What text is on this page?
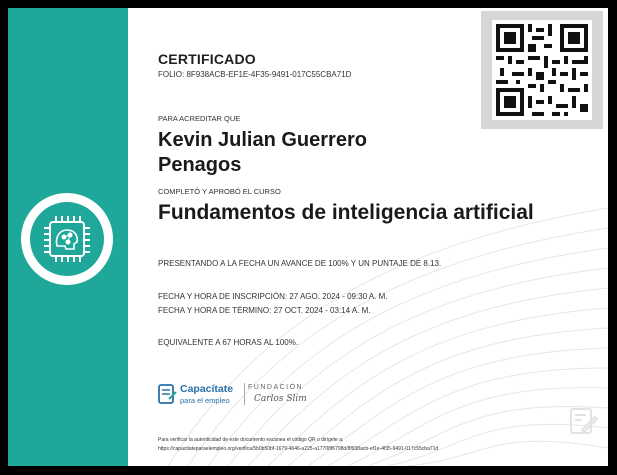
CERTIFICADO
FOLIO: 8F938ACB-EF1E-4F35-9491-017C55CBA71D
PARA ACREDITAR QUE
Kevin Julian Guerrero
Penagos
COMPLETÓ Y APROBÓ EL CURSO
Fundamentos de inteligencia artificial
PRESENTANDO A LA FECHA UN AVANCE DE 100% Y UN PUNTAJE DE 8.13.
FECHA Y HORA DE INSCRIPCIÓN: 27 AGO. 2024 - 09:30 A. M.
FECHA Y HORA DE TÉRMINO: 27 OCT. 2024 - 03:14 A. M.
EQUIVALENTE A 67 HORAS AL 100%.
Capacítate
para el empleo
FUNDACIÓN
Carlos Slim
Para verificar la autenticidad de este documento escanea el código QR o dirígete a:
https://capacitateparaelempleo.org/verifica/5b0b50bf-1679-4646-a225-a17708f6798d/8f938acb-ef1e-4f35-9491-017c55cba71d
